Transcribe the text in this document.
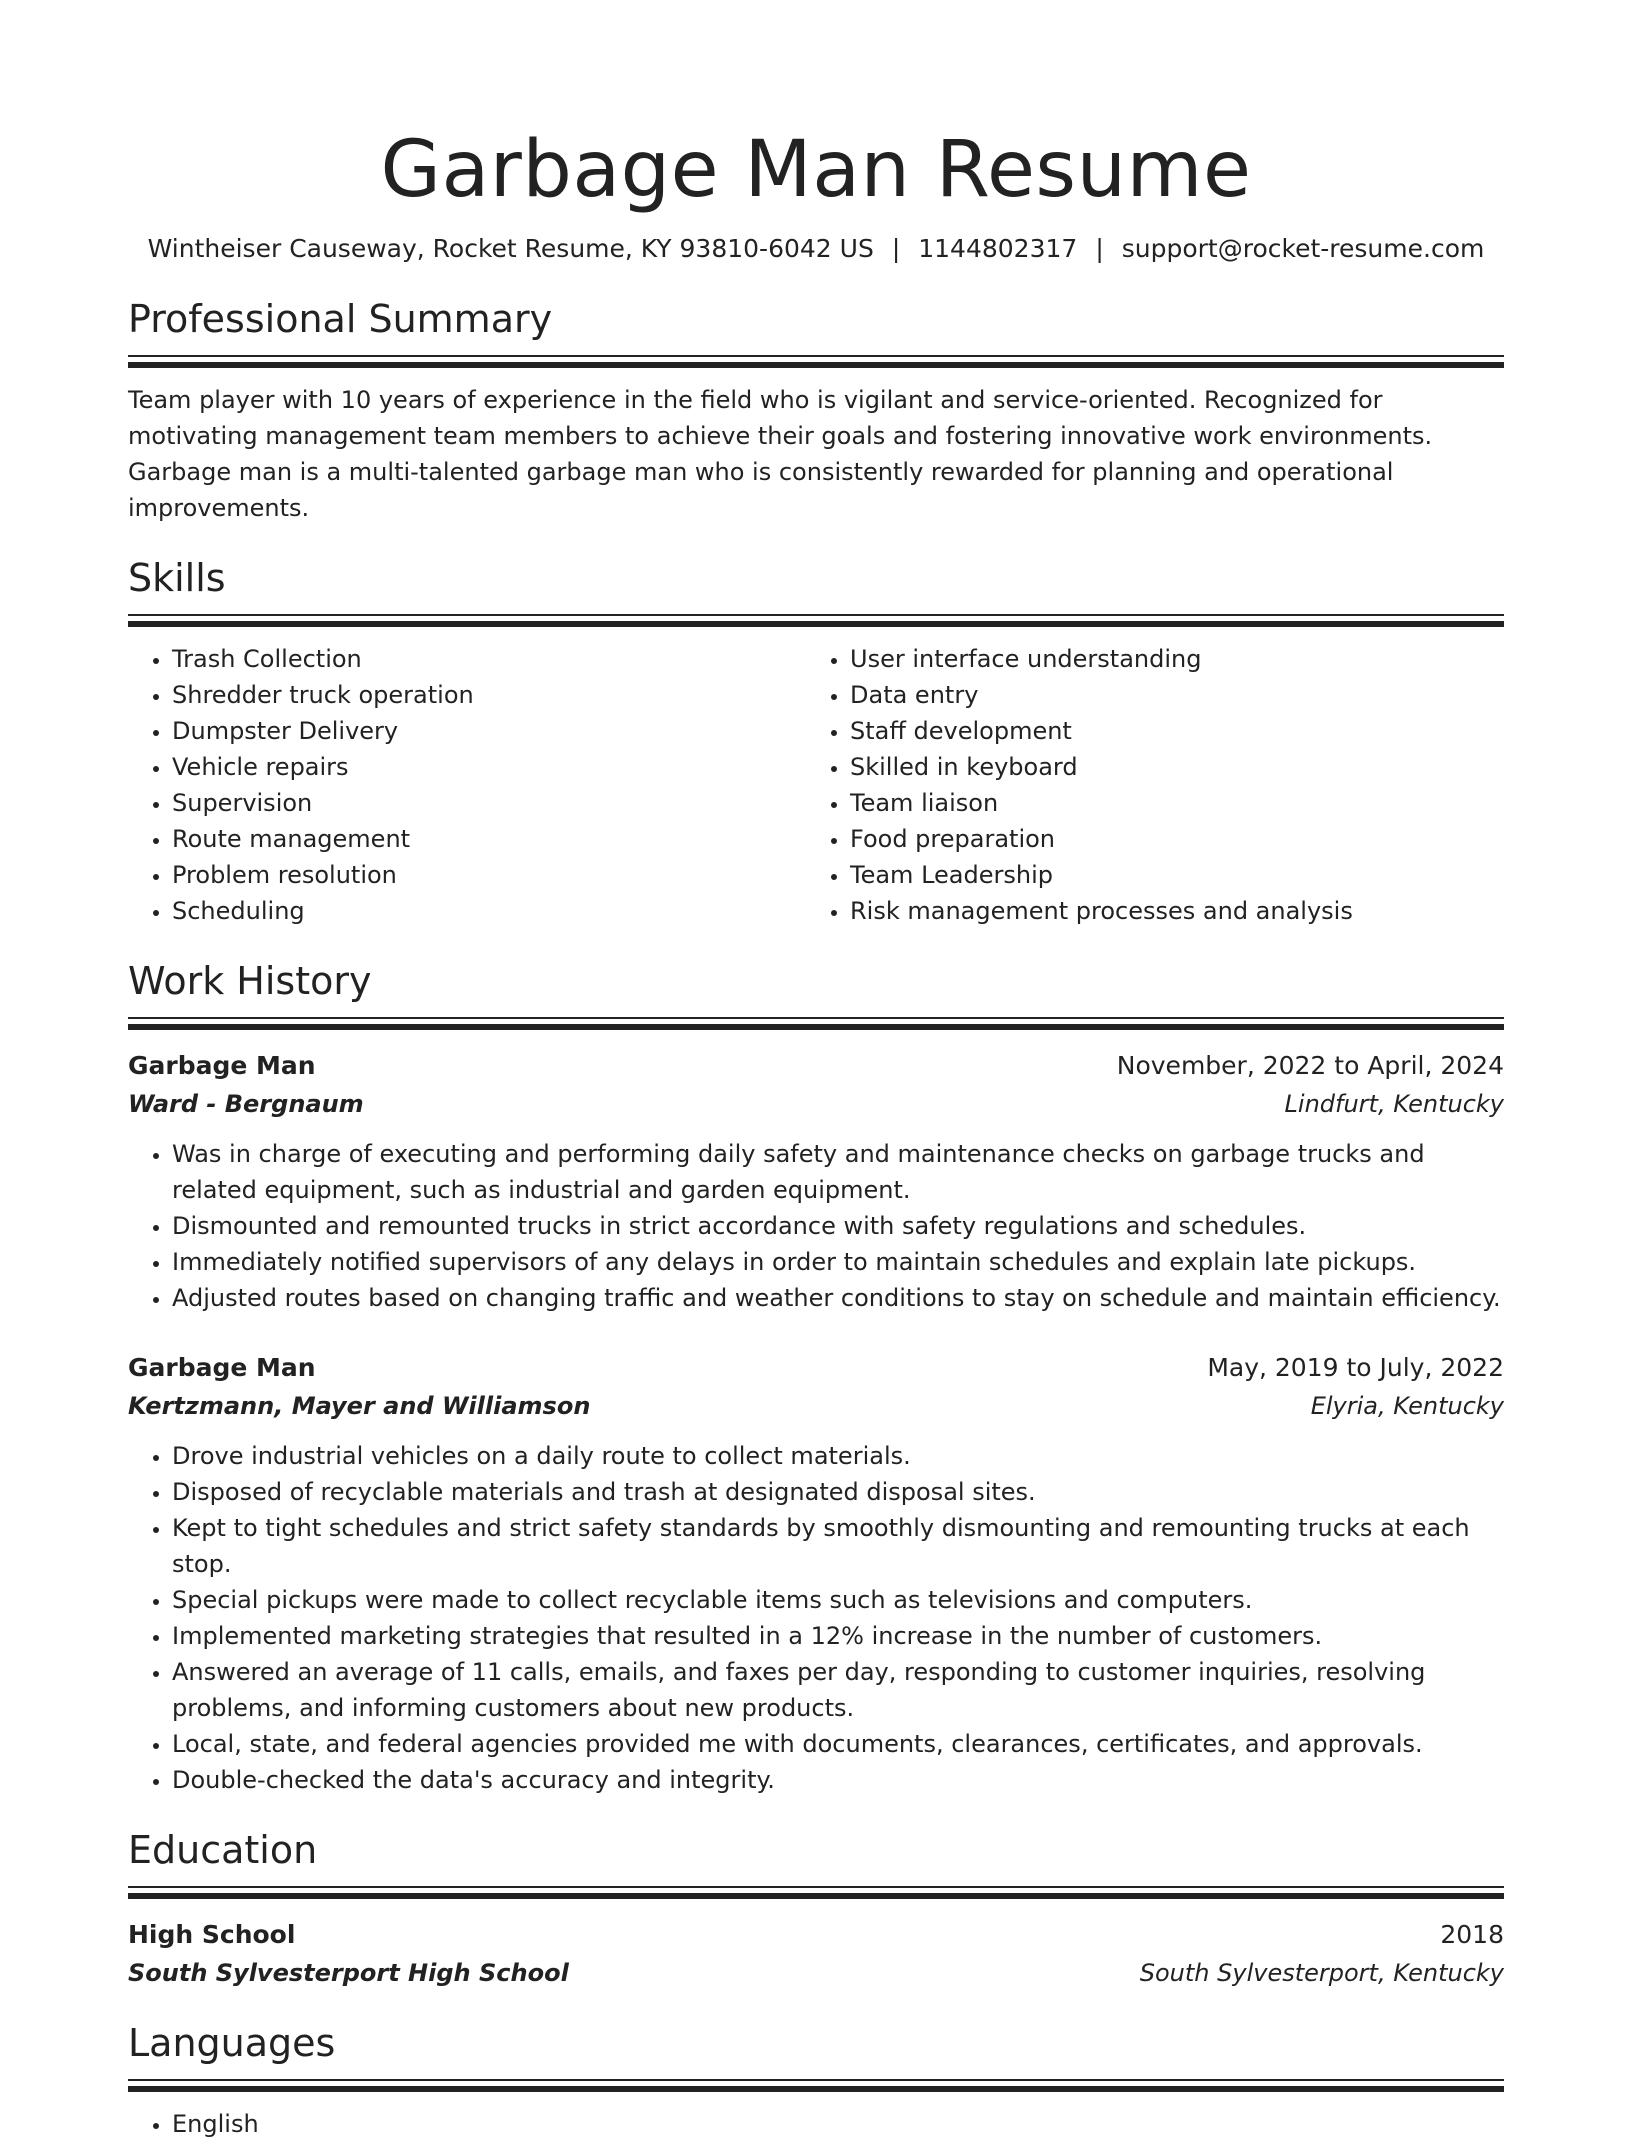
Garbage Man Resume
Wintheiser Causeway, Rocket Resume, KY 93810-6042 US | 1144802317 | support@rocket-resume.com
Professional Summary
Team player with 10 years of experience in the field who is vigilant and service-oriented. Recognized for motivating management team members to achieve their goals and fostering innovative work environments. Garbage man is a multi-talented garbage man who is consistently rewarded for planning and operational improvements.
Skills
• Trash Collection
• Shredder truck operation
• Dumpster Delivery
• Vehicle repairs
• Supervision
• Route management
• Problem resolution
• Scheduling
• User interface understanding
• Data entry
• Staff development
• Skilled in keyboard
• Team liaison
• Food preparation
• Team Leadership
• Risk management processes and analysis
Work History
Garbage Man	November, 2022 to April, 2024
Ward - Bergnaum	Lindfurt, Kentucky
• Was in charge of executing and performing daily safety and maintenance checks on garbage trucks and related equipment, such as industrial and garden equipment.
• Dismounted and remounted trucks in strict accordance with safety regulations and schedules.
• Immediately notified supervisors of any delays in order to maintain schedules and explain late pickups.
• Adjusted routes based on changing traffic and weather conditions to stay on schedule and maintain efficiency.
Garbage Man	May, 2019 to July, 2022
Kertzmann, Mayer and Williamson	Elyria, Kentucky
• Drove industrial vehicles on a daily route to collect materials.
• Disposed of recyclable materials and trash at designated disposal sites.
• Kept to tight schedules and strict safety standards by smoothly dismounting and remounting trucks at each stop.
• Special pickups were made to collect recyclable items such as televisions and computers.
• Implemented marketing strategies that resulted in a 12% increase in the number of customers.
• Answered an average of 11 calls, emails, and faxes per day, responding to customer inquiries, resolving problems, and informing customers about new products.
• Local, state, and federal agencies provided me with documents, clearances, certificates, and approvals.
• Double-checked the data's accuracy and integrity.
Education
High School	2018
South Sylvesterport High School	South Sylvesterport, Kentucky
Languages
• English
